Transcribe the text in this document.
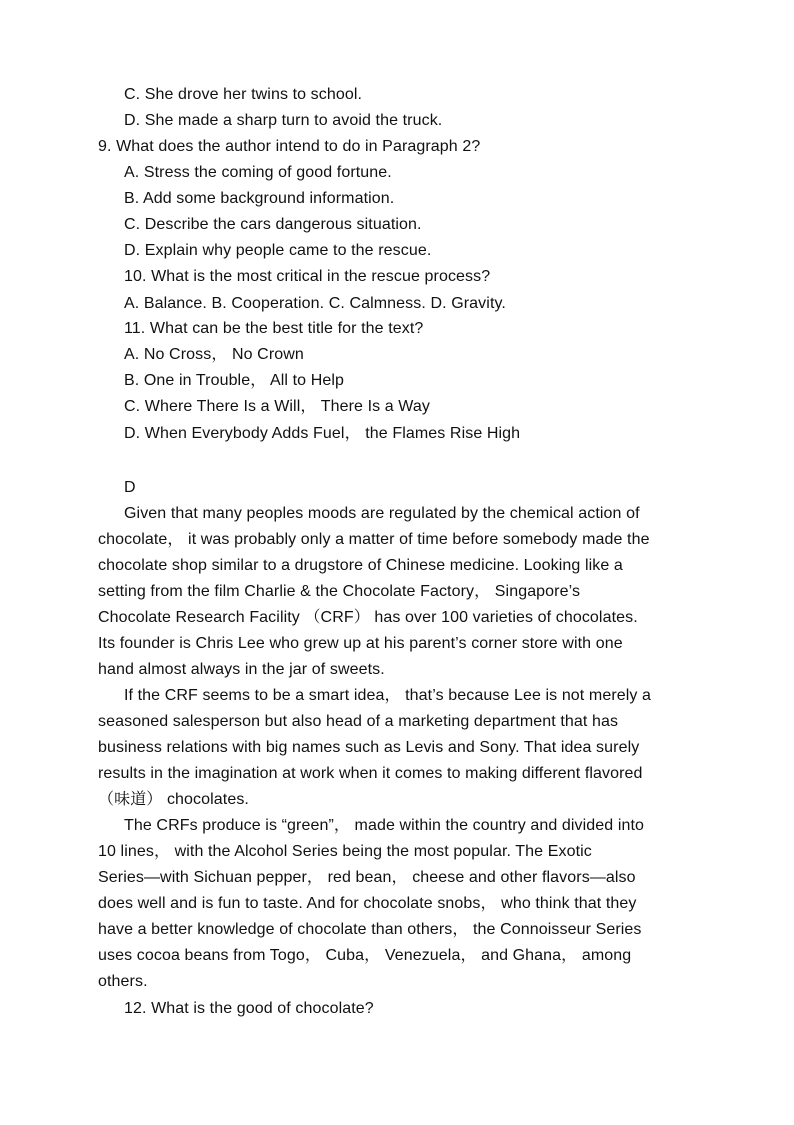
C. She drove her twins to school.
D. She made a sharp turn to avoid the truck.
9. What does the author intend to do in Paragraph 2?
A. Stress the coming of good fortune.
B. Add some background information.
C. Describe the cars dangerous situation.
D. Explain why people came to the rescue.
10. What is the most critical in the rescue process?
A. Balance. B. Cooperation. C. Calmness. D. Gravity.
11. What can be the best title for the text?
A. No Cross， No Crown
B. One in Trouble， All to Help
C. Where There Is a Will， There Is a Way
D. When Everybody Adds Fuel， the Flames Rise High
D
Given that many peoples moods are regulated by the chemical action of
chocolate， it was probably only a matter of time before somebody made the
chocolate shop similar to a drugstore of Chinese medicine. Looking like a
setting from the film Charlie & the Chocolate Factory， Singapore’s
Chocolate Research Facility （CRF） has over 100 varieties of chocolates.
Its founder is Chris Lee who grew up at his parent’s corner store with one
hand almost always in the jar of sweets.
If the CRF seems to be a smart idea， that’s because Lee is not merely a
seasoned salesperson but also head of a marketing department that has
business relations with big names such as Levis and Sony. That idea surely
results in the imagination at work when it comes to making different flavored
（味道） chocolates.
The CRFs produce is “green”， made within the country and divided into
10 lines， with the Alcohol Series being the most popular. The Exotic
Series—with Sichuan pepper， red bean， cheese and other flavors—also
does well and is fun to taste. And for chocolate snobs， who think that they
have a better knowledge of chocolate than others， the Connoisseur Series
uses cocoa beans from Togo， Cuba， Venezuela， and Ghana， among
others.
12. What is the good of chocolate?
